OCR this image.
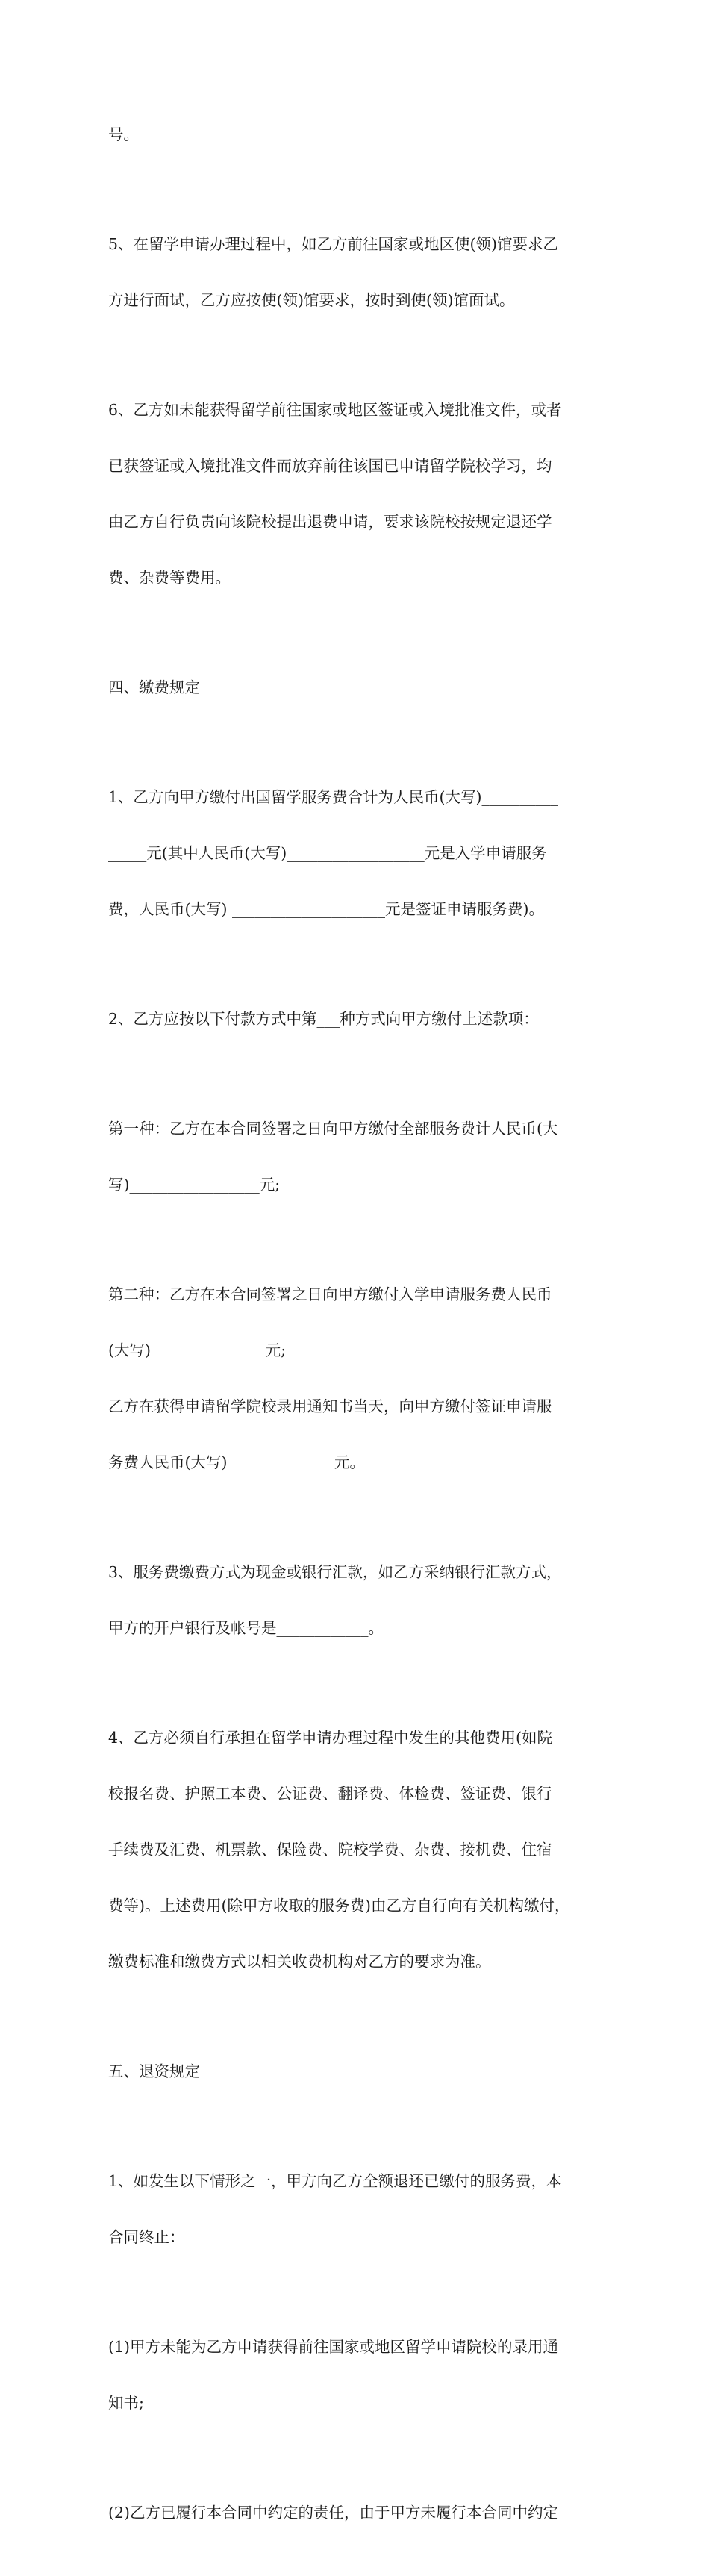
号。

5、在留学申请办理过程中，如乙方前往国家或地区使(领)馆要求乙

方进行面试，乙方应按使(领)馆要求，按时到使(领)馆面试。

6、乙方如未能获得留学前往国家或地区签证或入境批准文件，或者

已获签证或入境批准文件而放弃前往该国已申请留学院校学习，均

由乙方自行负责向该院校提出退费申请，要求该院校按规定退还学

费、杂费等费用。

四、缴费规定

1、乙方向甲方缴付出国留学服务费合计为人民币(大写)__________

_____元(其中人民币(大写)__________________元是入学申请服务

费，人民币(大写) ____________________元是签证申请服务费)。

2、乙方应按以下付款方式中第___种方式向甲方缴付上述款项：

第一种：乙方在本合同签署之日向甲方缴付全部服务费计人民币(大

写)_________________元;

第二种：乙方在本合同签署之日向甲方缴付入学申请服务费人民币

(大写)_______________元;

乙方在获得申请留学院校录用通知书当天，向甲方缴付签证申请服

务费人民币(大写)______________元。

3、服务费缴费方式为现金或银行汇款，如乙方采纳银行汇款方式，

甲方的开户银行及帐号是____________。

4、乙方必须自行承担在留学申请办理过程中发生的其他费用(如院

校报名费、护照工本费、公证费、翻译费、体检费、签证费、银行

手续费及汇费、机票款、保险费、院校学费、杂费、接机费、住宿

费等)。上述费用(除甲方收取的服务费)由乙方自行向有关机构缴付，

缴费标准和缴费方式以相关收费机构对乙方的要求为准。

五、退资规定

1、如发生以下情形之一，甲方向乙方全额退还已缴付的服务费，本

合同终止：

(1)甲方未能为乙方申请获得前往国家或地区留学申请院校的录用通

知书;

(2)乙方已履行本合同中约定的责任，由于甲方未履行本合同中约定
